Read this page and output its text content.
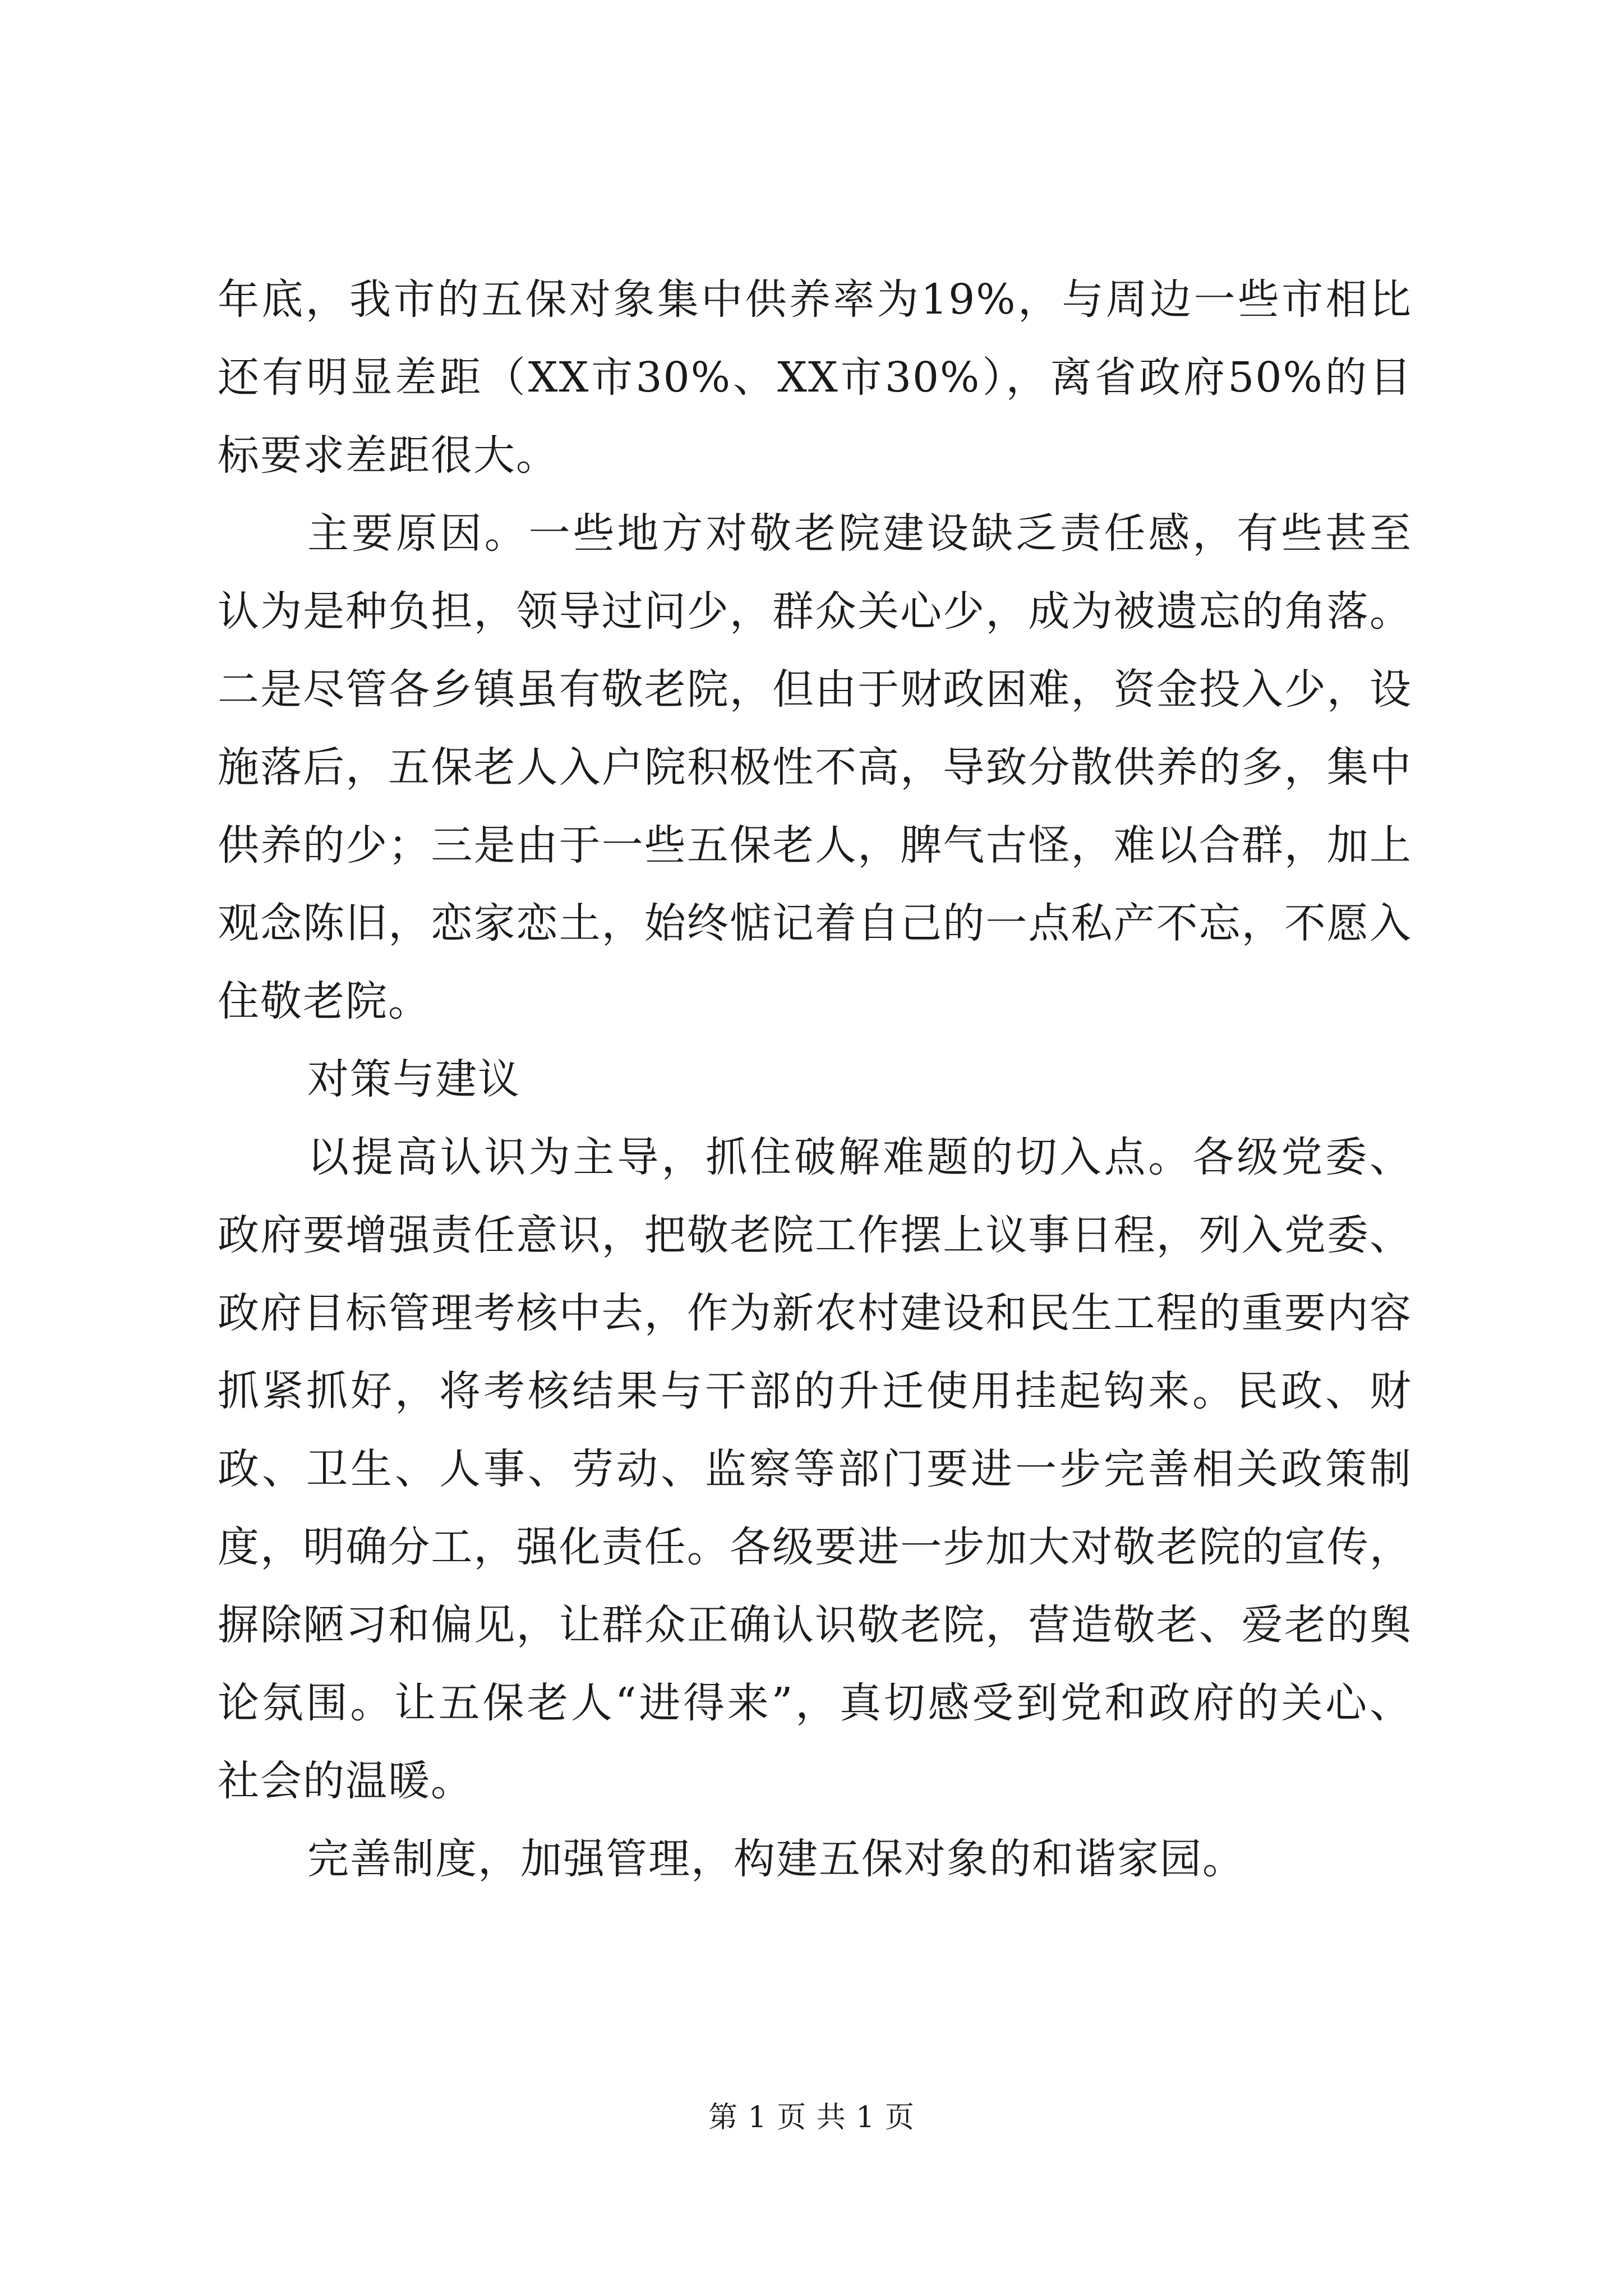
年底，我市的五保对象集中供养率为19%，与周边一些市相比还有明显差距（XX市30%、XX市30%），离省政府50%的目标要求差距很大。

主要原因。一些地方对敬老院建设缺乏责任感，有些甚至认为是种负担，领导过问少，群众关心少，成为被遗忘的角落。二是尽管各乡镇虽有敬老院，但由于财政困难，资金投入少，设施落后，五保老人入户院积极性不高，导致分散供养的多，集中供养的少；三是由于一些五保老人，脾气古怪，难以合群，加上观念陈旧，恋家恋土，始终惦记着自己的一点私产不忘，不愿入住敬老院。

对策与建议

以提高认识为主导，抓住破解难题的切入点。各级党委、政府要增强责任意识，把敬老院工作摆上议事日程，列入党委、政府目标管理考核中去，作为新农村建设和民生工程的重要内容抓紧抓好，将考核结果与干部的升迁使用挂起钩来。民政、财政、卫生、人事、劳动、监察等部门要进一步完善相关政策制度，明确分工，强化责任。各级要进一步加大对敬老院的宣传，摒除陋习和偏见，让群众正确认识敬老院，营造敬老、爱老的舆论氛围。让五保老人“进得来”，真切感受到党和政府的关心、社会的温暖。

完善制度，加强管理，构建五保对象的和谐家园。

第 1 页 共 1 页
